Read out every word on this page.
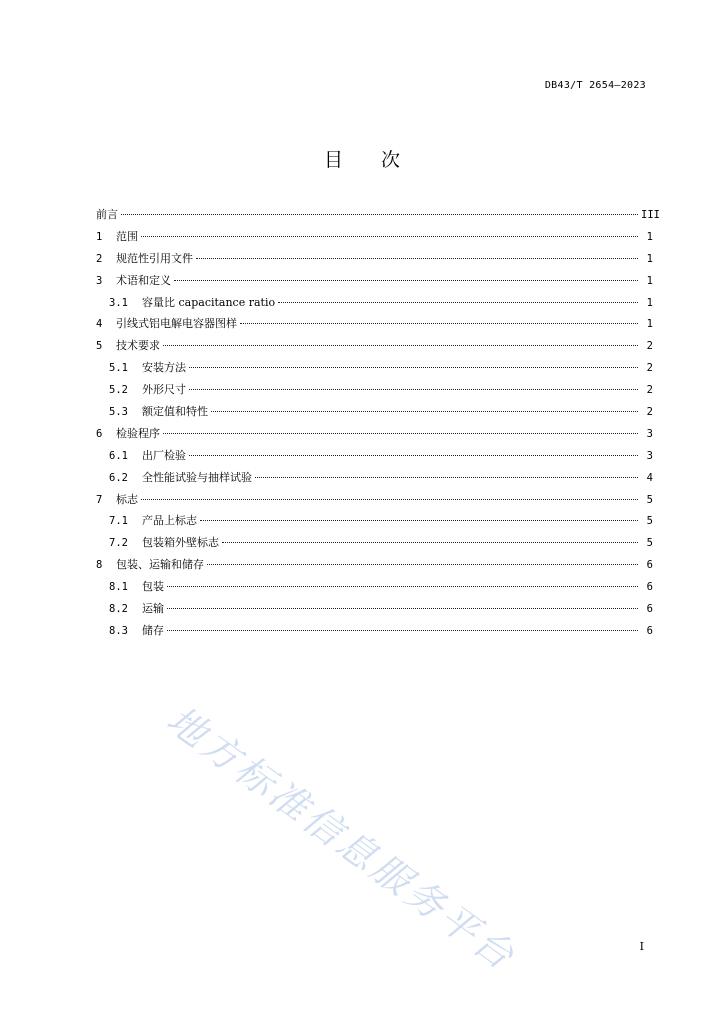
DB43/T 2654—2023
目次
前言	III
1	范围	1
2	规范性引用文件	1
3	术语和定义	1
3.1	容量比 capacitance ratio	1
4	引线式铝电解电容器图样	1
5	技术要求	2
5.1	安装方法	2
5.2	外形尺寸	2
5.3	额定值和特性	2
6	检验程序	3
6.1	出厂检验	3
6.2	全性能试验与抽样试验	4
7	标志	5
7.1	产品上标志	5
7.2	包装箱外壁标志	5
8	包装、运输和储存	6
8.1	包装	6
8.2	运输	6
8.3	储存	6
地方标准信息服务平台	I
